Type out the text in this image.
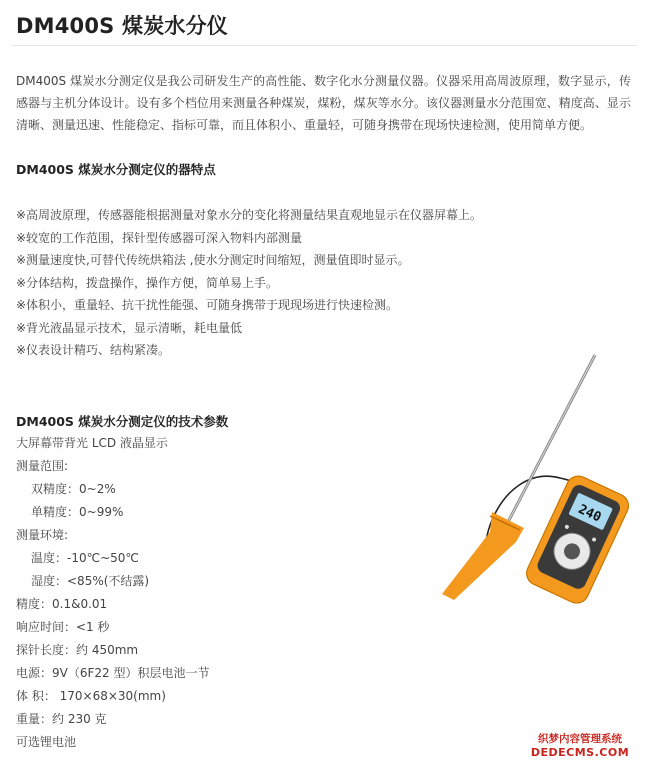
DM400S 煤炭水分仪

DM400S 煤炭水分测定仪是我公司研发生产的高性能、数字化水分测量仪器。仪器采用高周波原理，数字显示，传感器与主机分体设计。设有多个档位用来测量各种煤炭，煤粉，煤灰等水分。该仪器测量水分范围宽、精度高、显示清晰、测量迅速、性能稳定、指标可靠，而且体积小、重量轻，可随身携带在现场快速检测，使用简单方便。

DM400S 煤炭水分测定仪的器特点
※高周波原理，传感器能根据测量对象水分的变化将测量结果直观地显示在仪器屏幕上。
※较宽的工作范围，探针型传感器可深入物料内部测量
※测量速度快,可替代传统烘箱法 ,使水分测定时间缩短，测量值即时显示。
※分体结构，拨盘操作，操作方便，简单易上手。
※体积小，重量轻、抗干扰性能强、可随身携带于现现场进行快速检测。
※背光液晶显示技术，显示清晰，耗电量低
※仪表设计精巧、结构紧凑。
DM400S 煤炭水分测定仪的技术参数
大屏幕带背光 LCD 液晶显示
测量范围:
双精度：0~2%
单精度：0~99%
测量环境:
温度：-10℃~50℃
湿度：<85%(不结露)
精度：0.1&0.01
响应时间：<1 秒
探针长度：约 450mm
电源：9V（6F22 型）积层电池一节
体 积： 170×68×30(mm)
重量：约 230 克
可选锂电池
240
织梦内容管理系统
DEDECMS.COM
